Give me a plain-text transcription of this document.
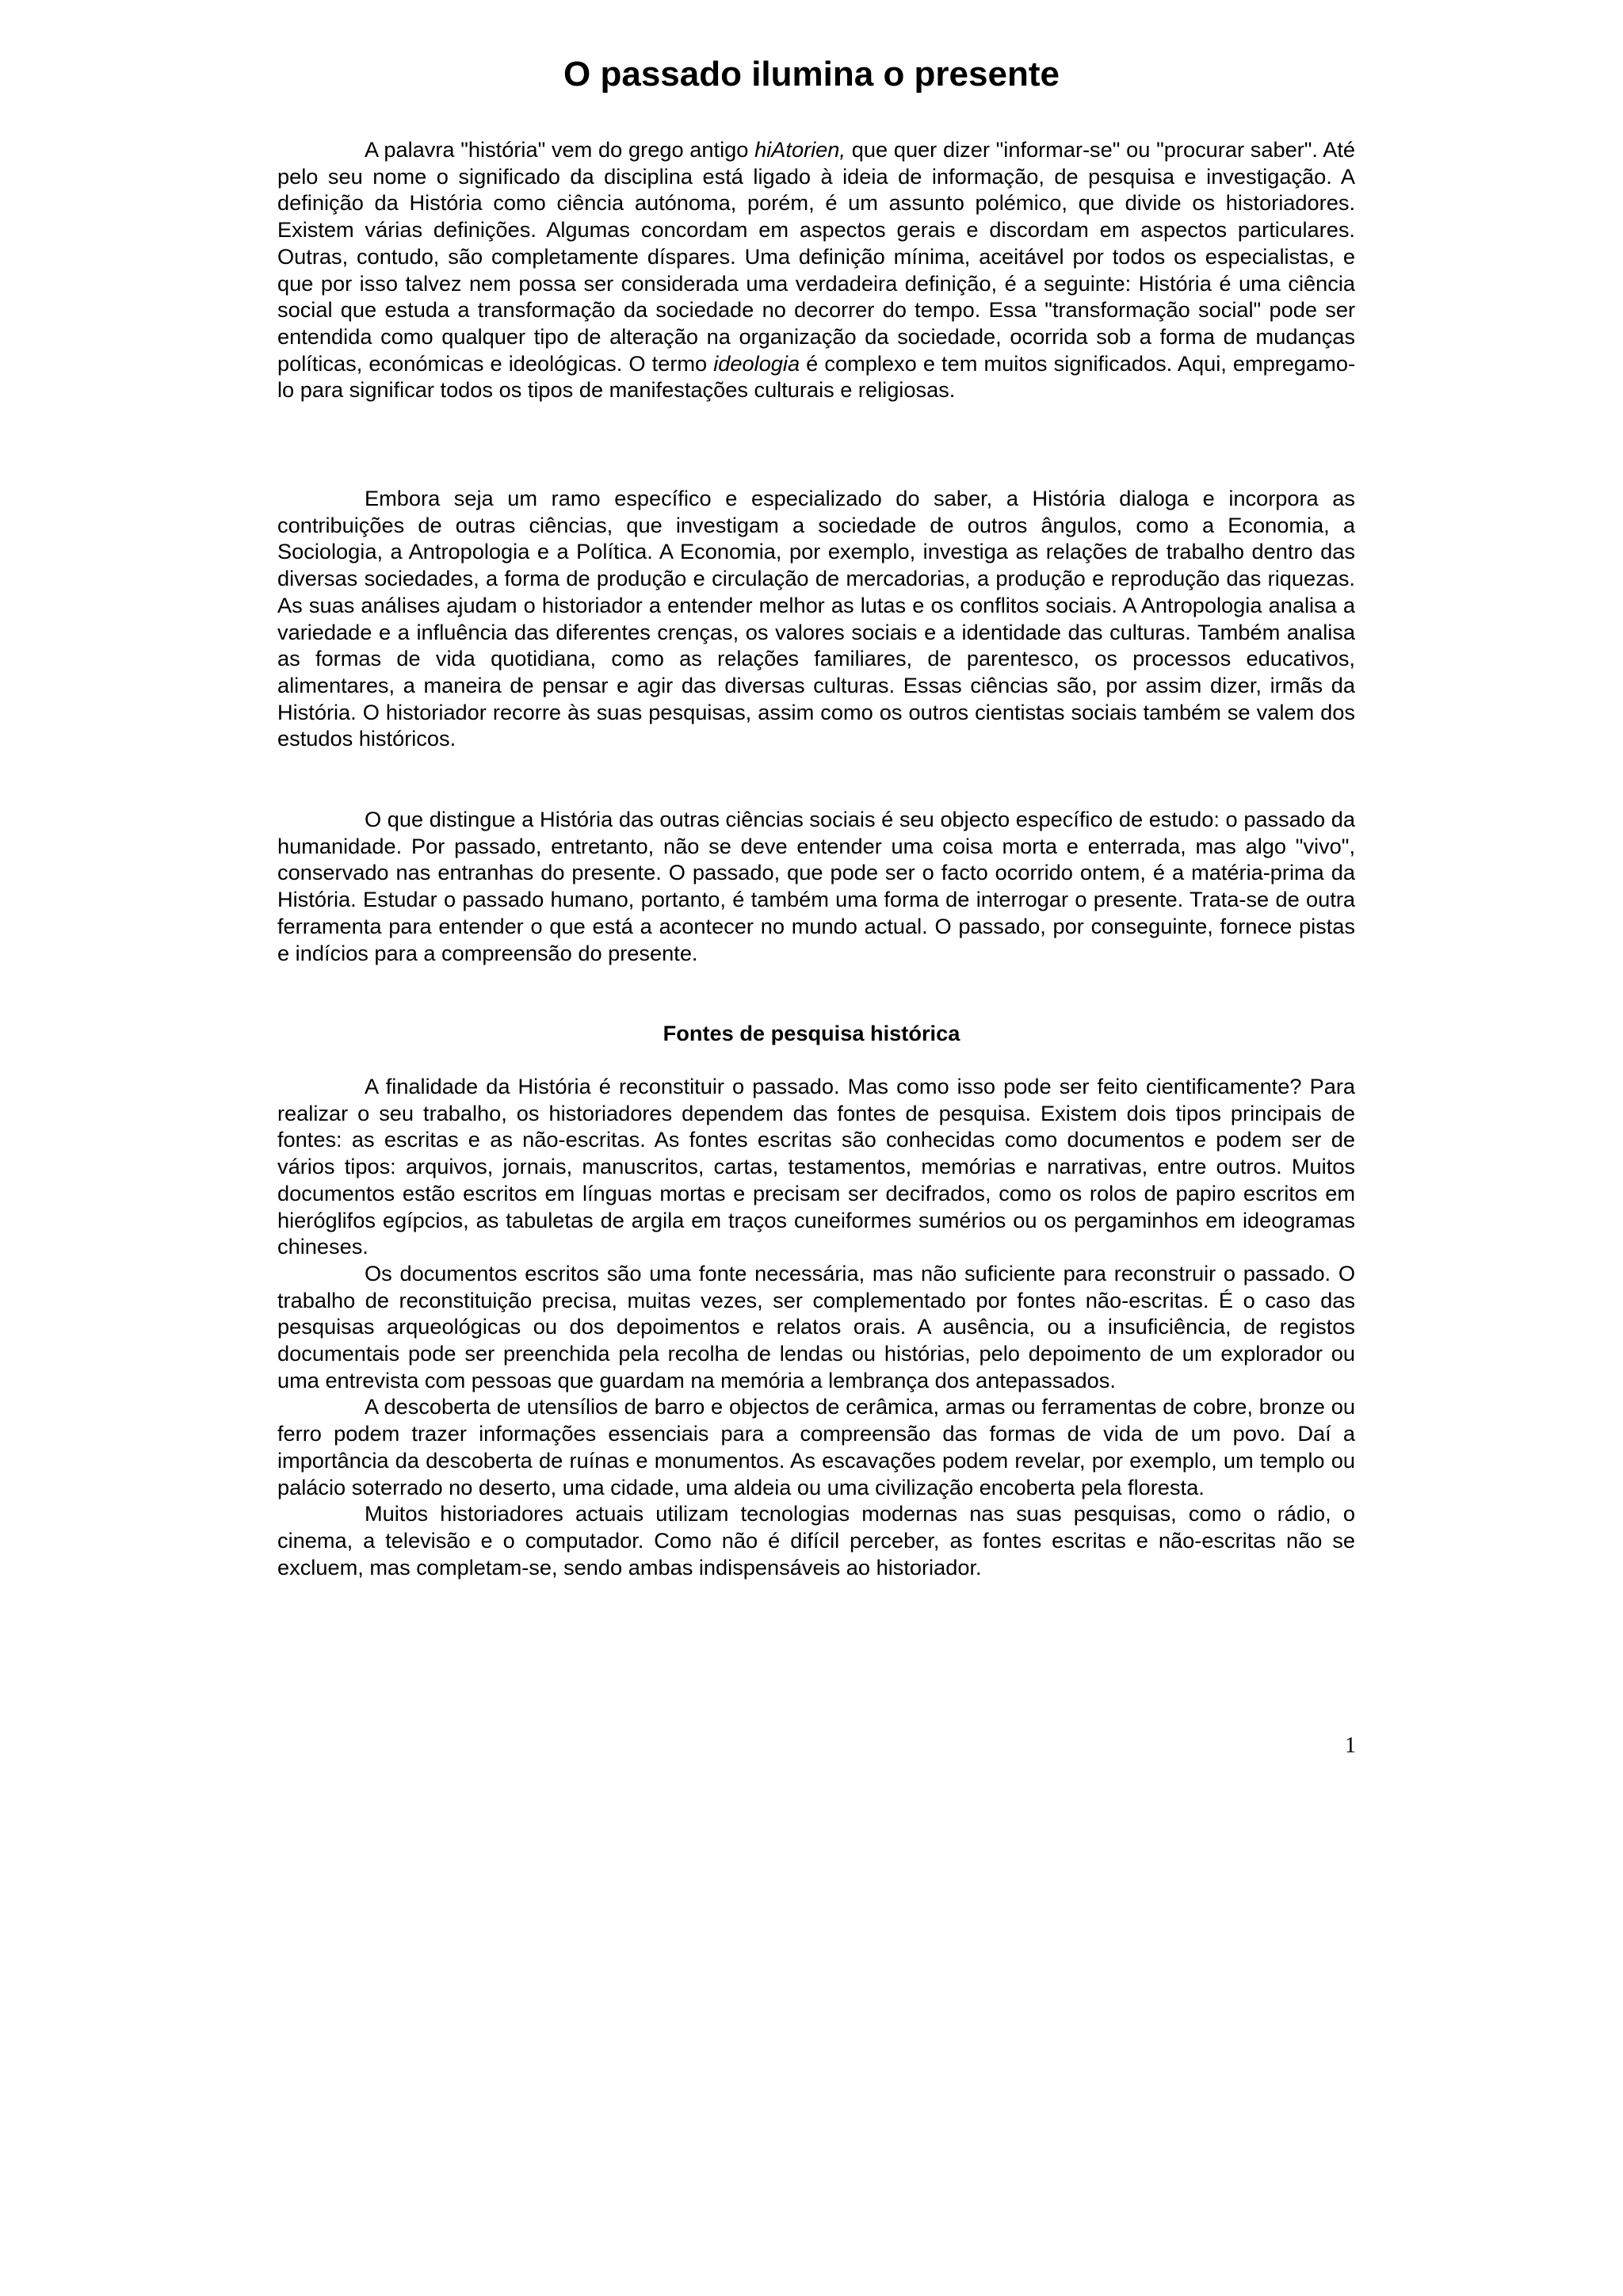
O passado ilumina o presente

A palavra "história" vem do grego antigo hiAtorien, que quer dizer "informar-se" ou "procurar saber". Até pelo seu nome o significado da disciplina está ligado à ideia de informação, de pesquisa e investigação. A definição da História como ciência autónoma, porém, é um assunto polémico, que divide os historiadores. Existem várias definições. Algumas concordam em aspectos gerais e discordam em aspectos particulares. Outras, contudo, são completamente díspares. Uma definição mínima, aceitável por todos os especialistas, e que por isso talvez nem possa ser considerada uma verdadeira definição, é a seguinte: História é uma ciência social que estuda a transformação da sociedade no decorrer do tempo. Essa "transformação social" pode ser entendida como qualquer tipo de alteração na organização da sociedade, ocorrida sob a forma de mudanças políticas, económicas e ideológicas. O termo ideologia é complexo e tem muitos significados. Aqui, empregamo-lo para significar todos os tipos de manifestações culturais e religiosas.

Embora seja um ramo específico e especializado do saber, a História dialoga e incorpora as contribuições de outras ciências, que investigam a sociedade de outros ângulos, como a Economia, a Sociologia, a Antropologia e a Política. A Economia, por exemplo, investiga as relações de trabalho dentro das diversas sociedades, a forma de produção e circulação de mercadorias, a produção e reprodução das riquezas. As suas análises ajudam o historiador a entender melhor as lutas e os conflitos sociais. A Antropologia analisa a variedade e a influência das diferentes crenças, os valores sociais e a identidade das culturas. Também analisa as formas de vida quotidiana, como as relações familiares, de parentesco, os processos educativos, alimentares, a maneira de pensar e agir das diversas culturas. Essas ciências são, por assim dizer, irmãs da História. O historiador recorre às suas pesquisas, assim como os outros cientistas sociais também se valem dos estudos históricos.

O que distingue a História das outras ciências sociais é seu objecto específico de estudo: o passado da humanidade. Por passado, entretanto, não se deve entender uma coisa morta e enterrada, mas algo "vivo", conservado nas entranhas do presente. O passado, que pode ser o facto ocorrido ontem, é a matéria-prima da História. Estudar o passado humano, portanto, é também uma forma de interrogar o presente. Trata-se de outra ferramenta para entender o que está a acontecer no mundo actual. O passado, por conseguinte, fornece pistas e indícios para a compreensão do presente.

Fontes de pesquisa histórica

A finalidade da História é reconstituir o passado. Mas como isso pode ser feito cientificamente? Para realizar o seu trabalho, os historiadores dependem das fontes de pesquisa. Existem dois tipos principais de fontes: as escritas e as não-escritas. As fontes escritas são conhecidas como documentos e podem ser de vários tipos: arquivos, jornais, manuscritos, cartas, testamentos, memórias e narrativas, entre outros. Muitos documentos estão escritos em línguas mortas e precisam ser decifrados, como os rolos de papiro escritos em hieróglifos egípcios, as tabuletas de argila em traços cuneiformes sumérios ou os pergaminhos em ideogramas chineses.

Os documentos escritos são uma fonte necessária, mas não suficiente para reconstruir o passado. O trabalho de reconstituição precisa, muitas vezes, ser complementado por fontes não-escritas. É o caso das pesquisas arqueológicas ou dos depoimentos e relatos orais. A ausência, ou a insuficiência, de registos documentais pode ser preenchida pela recolha de lendas ou histórias, pelo depoimento de um explorador ou uma entrevista com pessoas que guardam na memória a lembrança dos antepassados.

A descoberta de utensílios de barro e objectos de cerâmica, armas ou ferramentas de cobre, bronze ou ferro podem trazer informações essenciais para a compreensão das formas de vida de um povo. Daí a importância da descoberta de ruínas e monumentos. As escavações podem revelar, por exemplo, um templo ou palácio soterrado no deserto, uma cidade, uma aldeia ou uma civilização encoberta pela floresta.

Muitos historiadores actuais utilizam tecnologias modernas nas suas pesquisas, como o rádio, o cinema, a televisão e o computador. Como não é difícil perceber, as fontes escritas e não-escritas não se excluem, mas completam-se, sendo ambas indispensáveis ao historiador.

1
